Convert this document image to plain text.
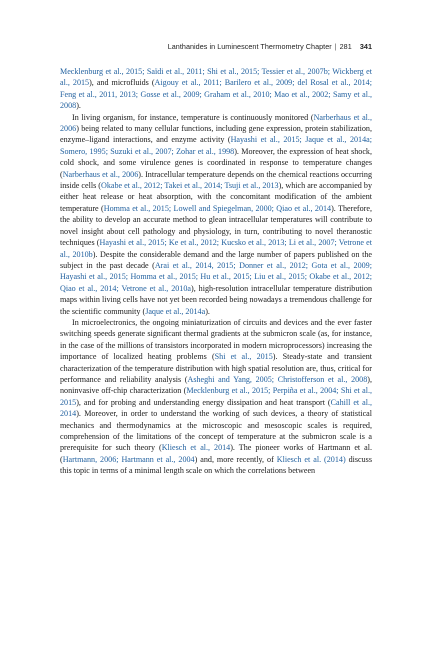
Lanthanides in Luminescent Thermometry Chapter | 281 341

Mecklenburg et al., 2015; Saïdi et al., 2011; Shi et al., 2015; Tessier et al., 2007b; Wickberg et al., 2015), and microfluids (Aigouy et al., 2011; Barilero et al., 2009; del Rosal et al., 2014; Feng et al., 2011, 2013; Gosse et al., 2009; Graham et al., 2010; Mao et al., 2002; Samy et al., 2008).

In living organism, for instance, temperature is continuously monitored (Narberhaus et al., 2006) being related to many cellular functions, including gene expression, protein stabilization, enzyme–ligand interactions, and enzyme activity (Hayashi et al., 2015; Jaque et al., 2014a; Somero, 1995; Suzuki et al., 2007; Zohar et al., 1998). Moreover, the expression of heat shock, cold shock, and some virulence genes is coordinated in response to temperature changes (Narberhaus et al., 2006). Intracellular temperature depends on the chemical reactions occurring inside cells (Okabe et al., 2012; Takei et al., 2014; Tsuji et al., 2013), which are accompanied by either heat release or heat absorption, with the concomitant modification of the ambient temperature (Homma et al., 2015; Lowell and Spiegelman, 2000; Qiao et al., 2014). Therefore, the ability to develop an accurate method to glean intracellular temperatures will contribute to novel insight about cell pathology and physiology, in turn, contributing to novel theranostic techniques (Hayashi et al., 2015; Ke et al., 2012; Kucsko et al., 2013; Li et al., 2007; Vetrone et al., 2010b). Despite the considerable demand and the large number of papers published on the subject in the past decade (Arai et al., 2014, 2015; Donner et al., 2012; Gota et al., 2009; Hayashi et al., 2015; Homma et al., 2015; Hu et al., 2015; Liu et al., 2015; Okabe et al., 2012; Qiao et al., 2014; Vetrone et al., 2010a), high-resolution intracellular temperature distribution maps within living cells have not yet been recorded being nowadays a tremendous challenge for the scientific community (Jaque et al., 2014a).

In microelectronics, the ongoing miniaturization of circuits and devices and the ever faster switching speeds generate significant thermal gradients at the submicron scale (as, for instance, in the case of the millions of transistors incorporated in modern microprocessors) increasing the importance of localized heating problems (Shi et al., 2015). Steady-state and transient characterization of the temperature distribution with high spatial resolution are, thus, critical for performance and reliability analysis (Asheghi and Yang, 2005; Christofferson et al., 2008), noninvasive off-chip characterization (Mecklenburg et al., 2015; Perpiña et al., 2004; Shi et al., 2015), and for probing and understanding energy dissipation and heat transport (Cahill et al., 2014). Moreover, in order to understand the working of such devices, a theory of statistical mechanics and thermodynamics at the microscopic and mesoscopic scales is required, comprehension of the limitations of the concept of temperature at the submicron scale is a prerequisite for such theory (Kliesch et al., 2014). The pioneer works of Hartmann et al. (Hartmann, 2006; Hartmann et al., 2004) and, more recently, of Kliesch et al. (2014) discuss this topic in terms of a minimal length scale on which the correlations between
